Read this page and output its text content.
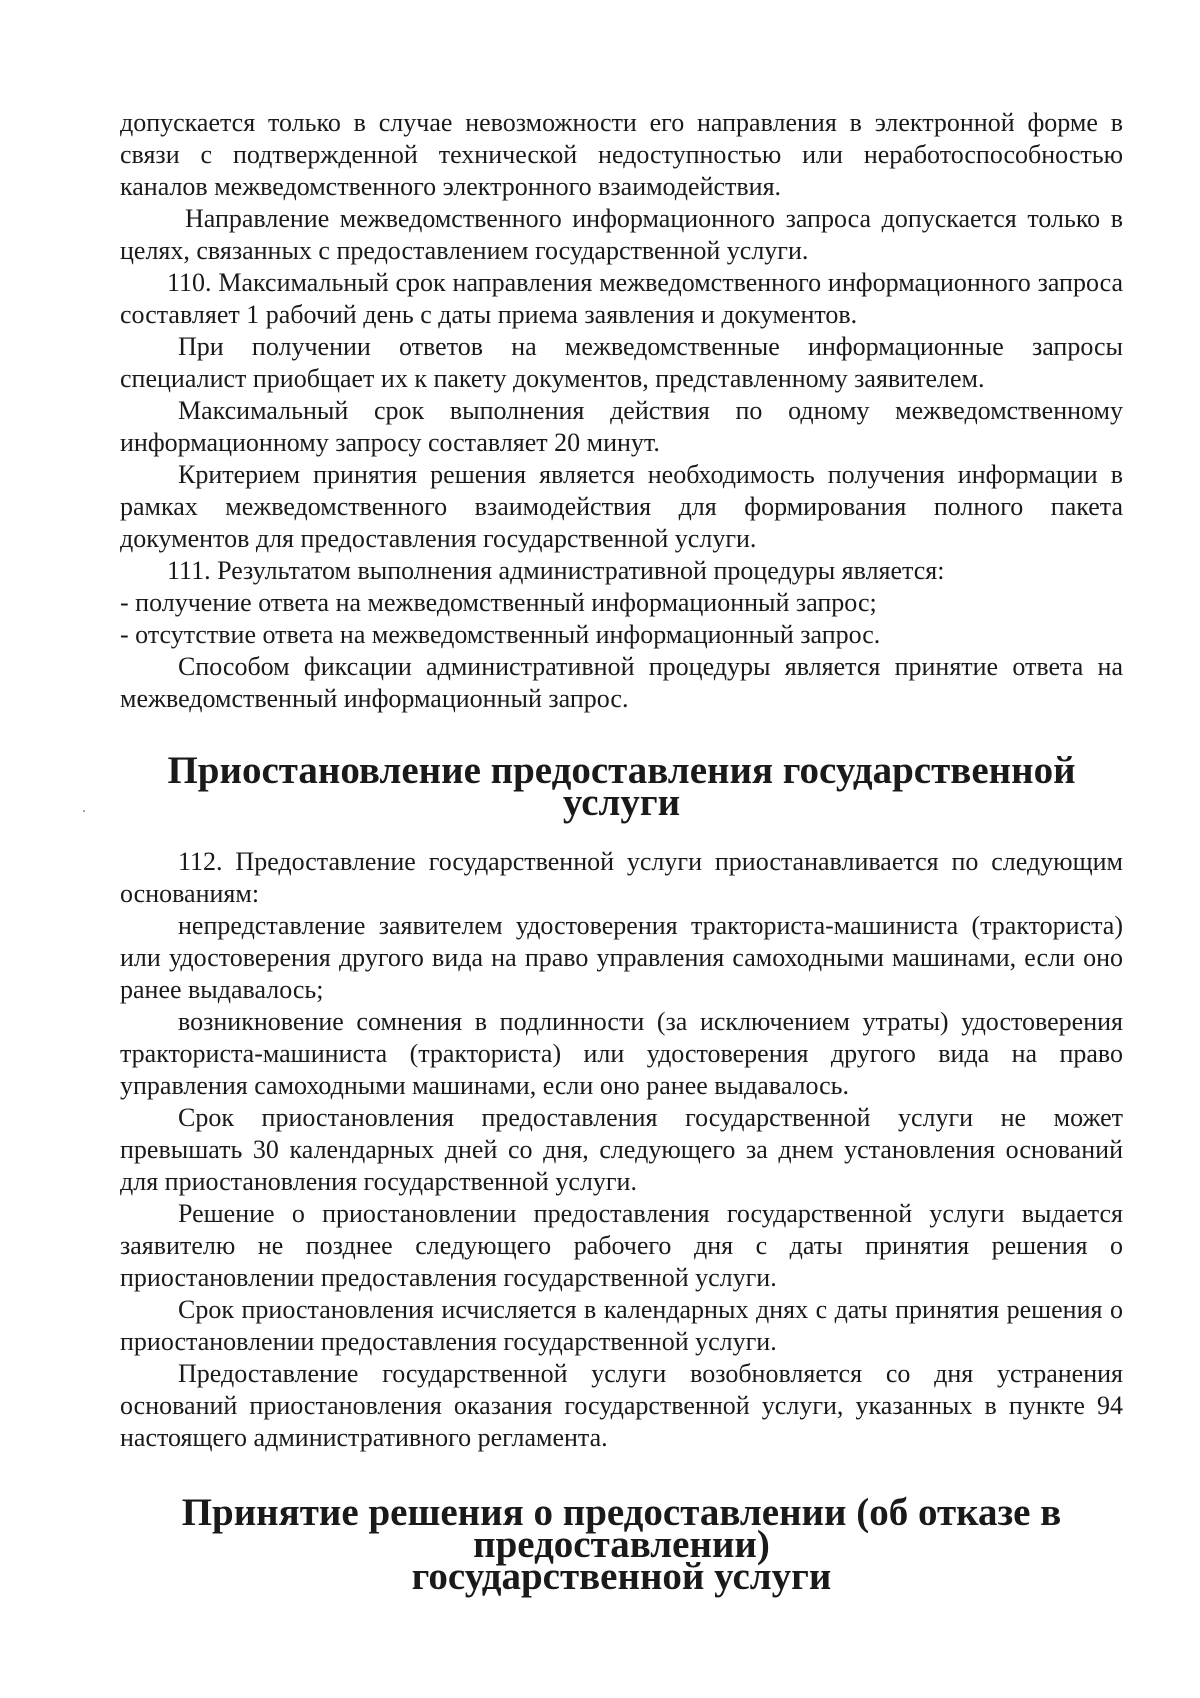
допускается только в случае невозможности его направления в электронной форме в связи с подтвержденной технической недоступностью или неработоспособностью каналов межведомственного электронного взаимодействия.

Направление межведомственного информационного запроса допускается только в целях, связанных с предоставлением государственной услуги.

110. Максимальный срок направления межведомственного информационного запроса составляет 1 рабочий день с даты приема заявления и документов.

При получении ответов на межведомственные информационные запросы специалист приобщает их к пакету документов, представленному заявителем.

Максимальный срок выполнения действия по одному межведомственному информационному запросу составляет 20 минут.

Критерием принятия решения является необходимость получения информации в рамках межведомственного взаимодействия для формирования полного пакета документов для предоставления государственной услуги.

111. Результатом выполнения административной процедуры является:

- получение ответа на межведомственный информационный запрос;

- отсутствие ответа на межведомственный информационный запрос.

Способом фиксации административной процедуры является принятие ответа на межведомственный информационный запрос.

Приостановление предоставления государственной услуги

112. Предоставление государственной услуги приостанавливается по следующим основаниям:

непредставление заявителем удостоверения тракториста-машиниста (тракториста) или удостоверения другого вида на право управления самоходными машинами, если оно ранее выдавалось;

возникновение сомнения в подлинности (за исключением утраты) удостоверения тракториста-машиниста (тракториста) или удостоверения другого вида на право управления самоходными машинами, если оно ранее выдавалось.

Срок приостановления предоставления государственной услуги не может превышать 30 календарных дней со дня, следующего за днем установления оснований для приостановления государственной услуги.

Решение о приостановлении предоставления государственной услуги выдается заявителю не позднее следующего рабочего дня с даты принятия решения о приостановлении предоставления государственной услуги.

Срок приостановления исчисляется в календарных днях с даты принятия решения о приостановлении предоставления государственной услуги.

Предоставление государственной услуги возобновляется со дня устранения оснований приостановления оказания государственной услуги, указанных в пункте 94 настоящего административного регламента.

Принятие решения о предоставлении (об отказе в предоставлении)
государственной услуги
